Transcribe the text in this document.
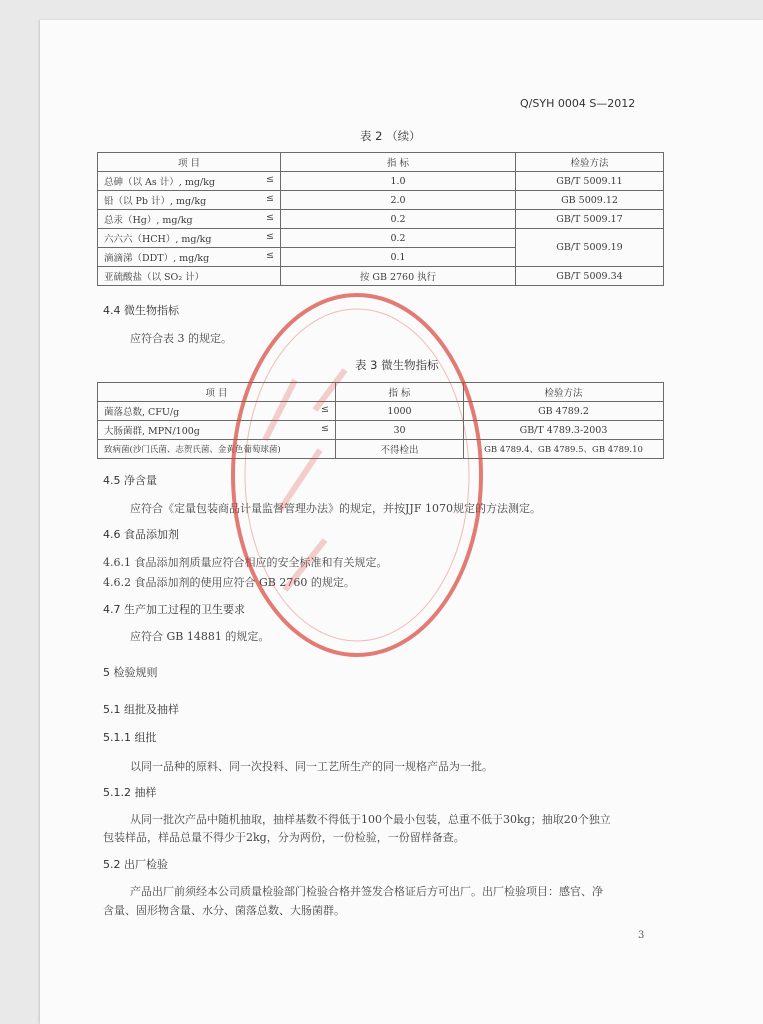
Q/SYH 0004 S—2012
表 2 （续）
项 目	指 标	检验方法
总砷（以 As 计）, mg/kg ≤	1.0	GB/T 5009.11
铅（以 Pb 计）, mg/kg ≤	2.0	GB 5009.12
总汞（Hg）, mg/kg ≤	0.2	GB/T 5009.17
六六六（HCH）, mg/kg ≤	0.2	GB/T 5009.19
滴滴涕（DDT）, mg/kg ≤	0.1	
亚硫酸盐（以 SO₂ 计）	按 GB 2760 执行	GB/T 5009.34
4.4 微生物指标
应符合表 3 的规定。
表 3 微生物指标
项 目	指 标	检验方法
菌落总数, CFU/g ≤	1000	GB 4789.2
大肠菌群, MPN/100g ≤	30	GB/T 4789.3-2003
致病菌(沙门氏菌、志贺氏菌、金黄色葡萄球菌)	不得检出	GB 4789.4、GB 4789.5、GB 4789.10
4.5 净含量
应符合《定量包装商品计量监督管理办法》的规定，并按JJF 1070规定的方法测定。
4.6 食品添加剂
4.6.1 食品添加剂质量应符合相应的安全标准和有关规定。
4.6.2 食品添加剂的使用应符合 GB 2760 的规定。
4.7 生产加工过程的卫生要求
应符合 GB 14881 的规定。
5 检验规则
5.1 组批及抽样
5.1.1 组批
以同一品种的原料、同一次投料、同一工艺所生产的同一规格产品为一批。
5.1.2 抽样
从同一批次产品中随机抽取，抽样基数不得低于100个最小包装，总重不低于30kg；抽取20个独立
包装样品，样品总量不得少于2kg，分为两份，一份检验，一份留样备查。
5.2 出厂检验
产品出厂前须经本公司质量检验部门检验合格并签发合格证后方可出厂。出厂检验项目：感官、净
含量、固形物含量、水分、菌落总数、大肠菌群。
3
